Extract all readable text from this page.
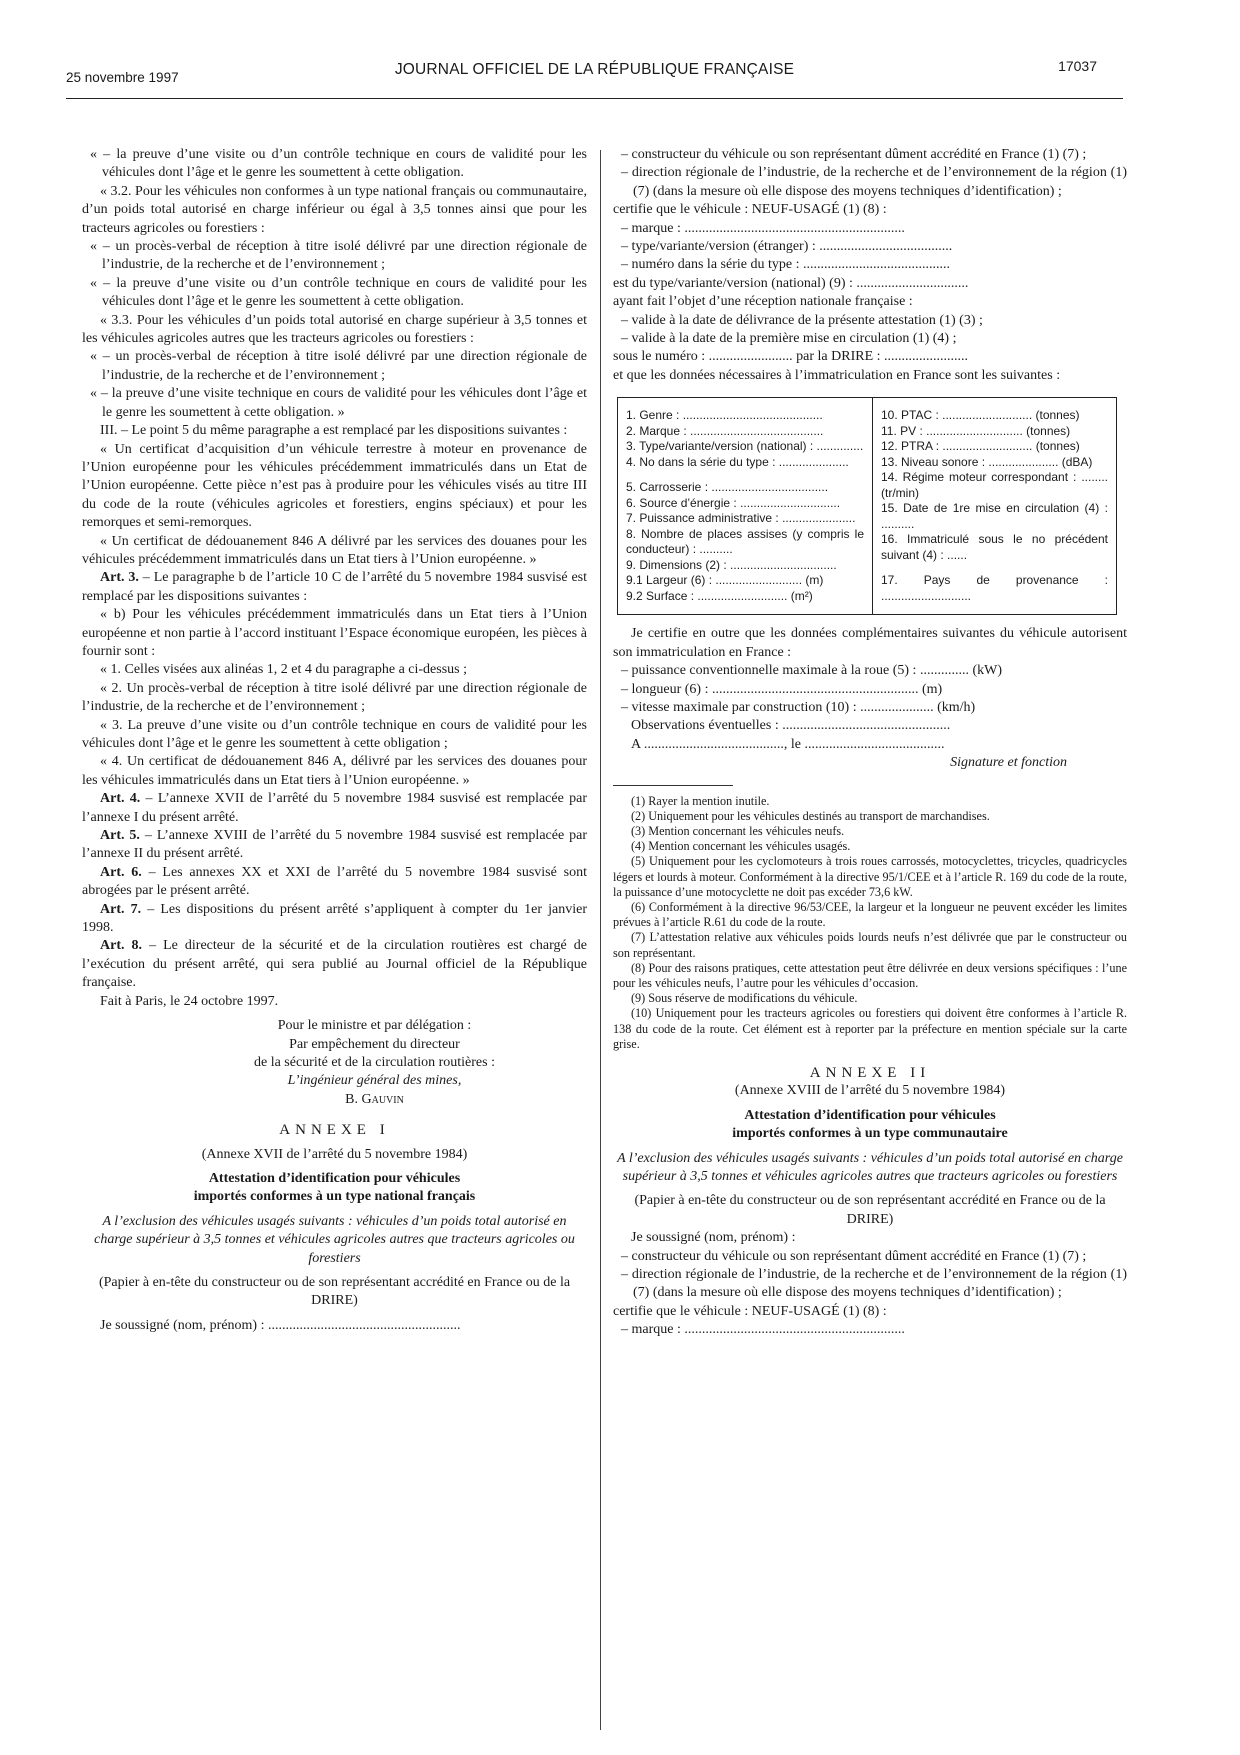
25 novembre 1997	JOURNAL OFFICIEL DE LA RÉPUBLIQUE FRANÇAISE	17037

« – la preuve d’une visite ou d’un contrôle technique en cours de validité pour les véhicules dont l’âge et le genre les soumettent à cette obligation.

« 3.2. Pour les véhicules non conformes à un type national français ou communautaire, d’un poids total autorisé en charge inférieur ou égal à 3,5 tonnes ainsi que pour les tracteurs agricoles ou forestiers :

« – un procès-verbal de réception à titre isolé délivré par une direction régionale de l’industrie, de la recherche et de l’environnement ;

« – la preuve d’une visite ou d’un contrôle technique en cours de validité pour les véhicules dont l’âge et le genre les soumettent à cette obligation.

« 3.3. Pour les véhicules d’un poids total autorisé en charge supérieur à 3,5 tonnes et les véhicules agricoles autres que les tracteurs agricoles ou forestiers :

« – un procès-verbal de réception à titre isolé délivré par une direction régionale de l’industrie, de la recherche et de l’environnement ;

« – la preuve d’une visite technique en cours de validité pour les véhicules dont l’âge et le genre les soumettent à cette obligation. »

III. – Le point 5 du même paragraphe a est remplacé par les dispositions suivantes :

« Un certificat d’acquisition d’un véhicule terrestre à moteur en provenance de l’Union européenne pour les véhicules précédemment immatriculés dans un Etat de l’Union européenne. Cette pièce n’est pas à produire pour les véhicules visés au titre III du code de la route (véhicules agricoles et forestiers, engins spéciaux) et pour les remorques et semi-remorques.

« Un certificat de dédouanement 846 A délivré par les services des douanes pour les véhicules précédemment immatriculés dans un Etat tiers à l’Union européenne. »

Art. 3. – Le paragraphe b de l’article 10 C de l’arrêté du 5 novembre 1984 susvisé est remplacé par les dispositions suivantes :

« b) Pour les véhicules précédemment immatriculés dans un Etat tiers à l’Union européenne et non partie à l’accord instituant l’Espace économique européen, les pièces à fournir sont :

« 1. Celles visées aux alinéas 1, 2 et 4 du paragraphe a ci-dessus ;

« 2. Un procès-verbal de réception à titre isolé délivré par une direction régionale de l’industrie, de la recherche et de l’environnement ;

« 3. La preuve d’une visite ou d’un contrôle technique en cours de validité pour les véhicules dont l’âge et le genre les soumettent à cette obligation ;

« 4. Un certificat de dédouanement 846 A, délivré par les services des douanes pour les véhicules immatriculés dans un Etat tiers à l’Union européenne. »

Art. 4. – L’annexe XVII de l’arrêté du 5 novembre 1984 susvisé est remplacée par l’annexe I du présent arrêté.

Art. 5. – L’annexe XVIII de l’arrêté du 5 novembre 1984 susvisé est remplacée par l’annexe II du présent arrêté.

Art. 6. – Les annexes XX et XXI de l’arrêté du 5 novembre 1984 susvisé sont abrogées par le présent arrêté.

Art. 7. – Les dispositions du présent arrêté s’appliquent à compter du 1er janvier 1998.

Art. 8. – Le directeur de la sécurité et de la circulation routières est chargé de l’exécution du présent arrêté, qui sera publié au Journal officiel de la République française.

Fait à Paris, le 24 octobre 1997.

Pour le ministre et par délégation :

Par empêchement du directeur

de la sécurité et de la circulation routières :

L’ingénieur général des mines,

B. Gauvin

ANNEXE I

(Annexe XVII de l’arrêté du 5 novembre 1984)

Attestation d’identification pour véhicules

importés conformes à un type national français

A l’exclusion des véhicules usagés suivants : véhicules d’un poids total autorisé en charge supérieur à 3,5 tonnes et véhicules agricoles autres que tracteurs agricoles ou forestiers

(Papier à en-tête du constructeur ou de son représentant accrédité en France ou de la DRIRE)

Je soussigné (nom, prénom) : .......................................................

– constructeur du véhicule ou son représentant dûment accrédité en France (1) (7) ;

– direction régionale de l’industrie, de la recherche et de l’environnement de la région (1) (7) (dans la mesure où elle dispose des moyens techniques d’identification) ;

certifie que le véhicule : NEUF-USAGÉ (1) (8) :

– marque : ...............................................................

– type/variante/version (étranger) : ......................................

– numéro dans la série du type : ..........................................

est du type/variante/version (national) (9) : ................................

ayant fait l’objet d’une réception nationale française :

– valide à la date de délivrance de la présente attestation (1) (3) ;

– valide à la date de la première mise en circulation (1) (4) ;

sous le numéro : ........................ par la DRIRE : ........................

et que les données nécessaires à l’immatriculation en France sont les suivantes :

1. Genre : ..........................................
2. Marque : ........................................
3. Type/variante/version (national) : ..............
4. No dans la série du type : .....................
5. Carrosserie : ...................................
6. Source d’énergie : ..............................
7. Puissance administrative : ......................
8. Nombre de places assises (y compris le conducteur) : ..........
9. Dimensions (2) : ................................
9.1 Largeur (6) : .......................... (m)
9.2 Surface : ........................... (m²)

10. PTAC : ........................... (tonnes)
11. PV : ............................. (tonnes)
12. PTRA : ........................... (tonnes)
13. Niveau sonore : ..................... (dBA)
14. Régime moteur correspondant : ........ (tr/min)
15. Date de 1re mise en circulation (4) : ..........
16. Immatriculé sous le no précédent suivant (4) : ......
17. Pays de provenance : ...........................

Je certifie en outre que les données complémentaires suivantes du véhicule autorisent son immatriculation en France :

– puissance conventionnelle maximale à la roue (5) : .............. (kW)

– longueur (6) : ........................................................... (m)

– vitesse maximale par construction (10) : ..................... (km/h)

Observations éventuelles : ................................................

A ........................................, le ........................................

Signature et fonction

(1) Rayer la mention inutile.

(2) Uniquement pour les véhicules destinés au transport de marchandises.

(3) Mention concernant les véhicules neufs.

(4) Mention concernant les véhicules usagés.

(5) Uniquement pour les cyclomoteurs à trois roues carrossés, motocyclettes, tricycles, quadricycles légers et lourds à moteur. Conformément à la directive 95/1/CEE et à l’article R. 169 du code de la route, la puissance d’une motocyclette ne doit pas excéder 73,6 kW.

(6) Conformément à la directive 96/53/CEE, la largeur et la longueur ne peuvent excéder les limites prévues à l’article R.61 du code de la route.

(7) L’attestation relative aux véhicules poids lourds neufs n’est délivrée que par le constructeur ou son représentant.

(8) Pour des raisons pratiques, cette attestation peut être délivrée en deux versions spécifiques : l’une pour les véhicules neufs, l’autre pour les véhicules d’occasion.

(9) Sous réserve de modifications du véhicule.

(10) Uniquement pour les tracteurs agricoles ou forestiers qui doivent être conformes à l’article R. 138 du code de la route. Cet élément est à reporter par la préfecture en mention spéciale sur la carte grise.

ANNEXE II

(Annexe XVIII de l’arrêté du 5 novembre 1984)

Attestation d’identification pour véhicules

importés conformes à un type communautaire

A l’exclusion des véhicules usagés suivants : véhicules d’un poids total autorisé en charge supérieur à 3,5 tonnes et véhicules agricoles autres que tracteurs agricoles ou forestiers

(Papier à en-tête du constructeur ou de son représentant accrédité en France ou de la DRIRE)

Je soussigné (nom, prénom) :

– constructeur du véhicule ou son représentant dûment accrédité en France (1) (7) ;

– direction régionale de l’industrie, de la recherche et de l’environnement de la région (1) (7) (dans la mesure où elle dispose des moyens techniques d’identification) ;

certifie que le véhicule : NEUF-USAGÉ (1) (8) :

– marque : ...............................................................
